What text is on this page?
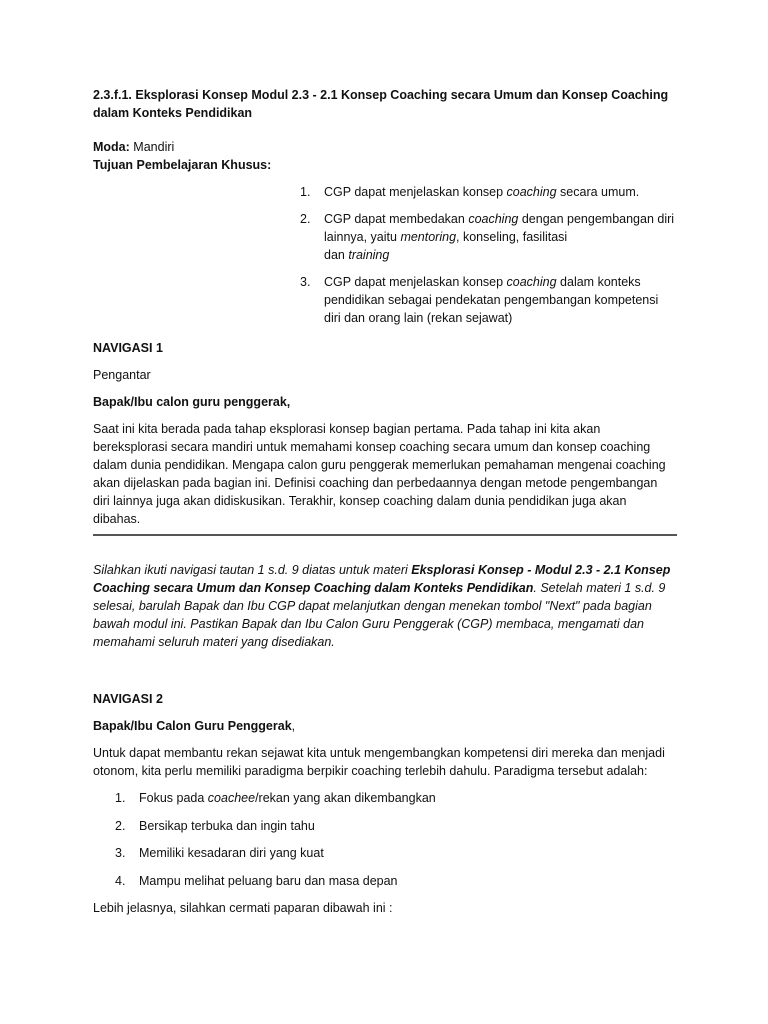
2.3.f.1. Eksplorasi Konsep Modul 2.3 - 2.1 Konsep Coaching secara Umum dan Konsep Coaching dalam Konteks Pendidikan

Moda: Mandiri

Tujuan Pembelajaran Khusus:

1. CGP dapat menjelaskan konsep coaching secara umum.
2. CGP dapat membedakan coaching dengan pengembangan diri lainnya, yaitu mentoring, konseling, fasilitasi
dan training
3. CGP dapat menjelaskan konsep coaching dalam konteks pendidikan sebagai pendekatan pengembangan kompetensi diri dan orang lain (rekan sejawat)

NAVIGASI 1

Pengantar

Bapak/Ibu calon guru penggerak,

Saat ini kita berada pada tahap eksplorasi konsep bagian pertama. Pada tahap ini kita akan bereksplorasi secara mandiri untuk memahami konsep coaching secara umum dan konsep coaching dalam dunia pendidikan. Mengapa calon guru penggerak memerlukan pemahaman mengenai coaching akan dijelaskan pada bagian ini. Definisi coaching dan perbedaannya dengan metode pengembangan diri lainnya juga akan didiskusikan. Terakhir, konsep coaching dalam dunia pendidikan juga akan dibahas.

Silahkan ikuti navigasi tautan 1 s.d. 9 diatas untuk materi Eksplorasi Konsep - Modul 2.3 - 2.1 Konsep Coaching secara Umum dan Konsep Coaching dalam Konteks Pendidikan. Setelah materi 1 s.d. 9 selesai, barulah Bapak dan Ibu CGP dapat melanjutkan dengan menekan tombol "Next" pada bagian bawah modul ini. Pastikan Bapak dan Ibu Calon Guru Penggerak (CGP) membaca, mengamati dan memahami seluruh materi yang disediakan.

NAVIGASI 2

Bapak/Ibu Calon Guru Penggerak,

Untuk dapat membantu rekan sejawat kita untuk mengembangkan kompetensi diri mereka dan menjadi otonom, kita perlu memiliki paradigma berpikir coaching terlebih dahulu. Paradigma tersebut adalah:

1. Fokus pada coachee/rekan yang akan dikembangkan
2. Bersikap terbuka dan ingin tahu
3. Memiliki kesadaran diri yang kuat
4. Mampu melihat peluang baru dan masa depan

Lebih jelasnya, silahkan cermati paparan dibawah ini :
